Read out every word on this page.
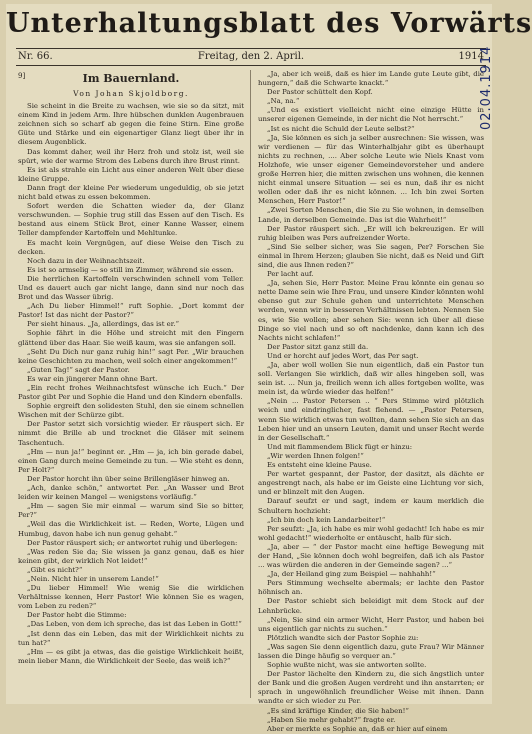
Unterhaltungsblatt des Vorwärts
Nr. 66.	Freitag, den 2. April.	1914
9]	Im Bauernland.
Von Johan Skjoldborg.

Sie scheint in die Breite zu wachsen, wie sie so da sitzt, mit einem Kind in jedem Arm. Ihre hübschen dunklen Augenbrauen zeichnen sich so scharf ab gegen die feine Stirn. Eine große Güte und Stärke und ein eigenartiger Glanz liegt über ihr in diesem Augenblick.

Das kommt daher, weil ihr Herz froh und stolz ist, weil sie spürt, wie der warme Strom des Lebens durch ihre Brust rinnt.

Es ist als strahle ein Licht aus einer anderen Welt über diese kleine Gruppe.

Dann fragt der kleine Per wiederum ungeduldig, ob sie jetzt nicht bald etwas zu essen bekommen.

Sofort werden die Schatten wieder da, der Glanz verschwunden. — Sophie trug still das Essen auf den Tisch. Es bestand aus einem Stück Brot, einer Kanne Wasser, einem Teller dampfender Kartoffeln und Mehltunke.

Es macht kein Vergnügen, auf diese Weise den Tisch zu decken.

Noch dazu in der Weihnachtszeit.

Es ist so armselig — so still im Zimmer, während sie essen.

Die herrlichen Kartoffeln verschwinden schnell vom Teller. Und es dauert auch gar nicht lange, dann sind nur noch das Brot und das Wasser übrig.

„Ach Du lieber Himmel!“ ruft Sophie. „Dort kommt der Pastor! Ist das nicht der Pastor?“

Per sieht hinaus. „Ja, allerdings, das ist er.“

Sophie fährt in die Höhe und streicht mit den Fingern glättend über das Haar. Sie weiß kaum, was sie anfangen soll.

„Seht Du Dich nur ganz ruhig hin!“ sagt Per. „Wir brauchen keine Geschichten zu machen, weil solch einer angekommen!“

„Guten Tag!“ sagt der Pastor.

Es war ein jüngerer Mann ohne Bart.

„Ein recht frohes Weihnachtsfest wünsche ich Euch.“ Der Pastor gibt Per und Sophie die Hand und den Kindern ebenfalls.

Sophie ergreift den solidesten Stuhl, den sie einem schnellen Wischen mit der Schürze gibt.

Der Pastor setzt sich vorsichtig wieder. Er räuspert sich. Er nimmt die Brille ab und trocknet die Gläser mit seinem Taschentuch.

„Hm — nun ja!“ beginnt er. „Hm — ja, ich bin gerade dabei, einen Gang durch meine Gemeinde zu tun. — Wie steht es denn, Per Holt?“

Der Pastor horcht ihn über seine Brillengläser hinweg an.

„Ach, danke schön,“ antwortet Per. „An Wasser und Brot leiden wir keinen Mangel — wenigstens vorläufig.“

„Hm — sagen Sie mir einmal — warum sind Sie so bitter, Per?“

„Weil das die Wirklichkeit ist. — Reden, Worte, Lügen und Humbug, davon habe ich nun genug gehabt.“

Der Pastor räuspert sich; er antwortet ruhig und überlegen:

„Was reden Sie da; Sie wissen ja ganz genau, daß es hier keinen gibt, der wirklich Not leidet!“

„Gibt es nicht?“

„Nein. Nicht hier in unserem Lande!“

„Du lieber Himmel! Wie wenig Sie die wirklichen Verhältnisse kennen, Herr Pastor! Wie können Sie es wagen, vom Leben zu reden?“

Der Pastor hebt die Stimme:

„Das Leben, von dem ich spreche, das ist das Leben in Gott!“

„Ist denn das ein Leben, das mit der Wirklichkeit nichts zu tun hat?“

„Hm — es gibt ja etwas, das die geistige Wirklichkeit heißt, mein lieber Mann, die Wirklichkeit der Seele, das weiß ich?“

„Ja, aber ich weiß, daß es hier im Lande gute Leute gibt, die hungern,“ daß die Schwarte knackt.“

Der Pastor schüttelt den Kopf.

„Na, na.“

„Und es existiert vielleicht nicht eine einzige Hütte in unserer eigenen Gemeinde, in der nicht die Not herrscht.“

„Ist es nicht die Schuld der Leute selbst?“

„Ja, Sie können es sich ja selber ausrechnen: Sie wissen, was wir verdienen — für das Winterhalbjahr gibt es überhaupt nichts zu rechnen, .... Aber solche Leute wie Niels Knast vom Holzhofe, wie unser eigener Gemeindevorsteher und andere große Herren hier, die mitten zwischen uns wohnen, die kennen nicht einmal unsere Situation — sei es nun, daß ihr es nicht wollen oder daß ihr es nicht können. ... Ich bin zwei Sorten Menschen, Herr Pastor!“

„Zwei Sorten Menschen, die Sie zu Sie wohnen, in demselben Lande, in derselben Gemeinde. Das ist die Wahrheit!“

Der Pastor räuspert sich. „Er will ich bekreuzigen. Er will ruhig bleiben was Pers aufreizender Worte.

„Sind Sie selber sicher, was Sie sagen, Per? Forschen Sie einmal in Ihrem Herzen; glauben Sie nicht, daß es Neid und Gift sind, die aus Ihnen reden?“

Per lacht auf.

„Ja, sehen Sie, Herr Pastor. Meine Frau könnte ein genau so nette Dame sein wie Ihre Frau, und unsere Kinder könnten wohl ebenso gut zur Schule gehen und unterrichtete Menschen werden, wenn wir in besseren Verhältnissen lebten. Nennen Sie es, wie Sie wollen; aber sehen Sie: wenn ich über all diese Dinge so viel nach und so oft nachdenke, dann kann ich des Nachts nicht schlafen!“

Der Pastor sitzt ganz still da.

Und er horcht auf jedes Wort, das Per sagt.

„Ja, aber woll wollen Sie nun eigentlich, daß ein Pastor tun soll. Verlangen Sie wirklich, daß wir alles hingeben soll, was sein ist. ... Nun ja, freilich wenn ich alles fortgeben wollte, was mein ist, da würde wieder das helfen!“

„Nein ... Pastor Petersen .. “ Pers Stimme wird plötzlich weich und eindringlicher, fast flehend. — „Pastor Petersen, wenn Sie wirklich etwas tun wollten, dann sehen Sie sich an das Leben hier und an unsern Leuten, damit und unser Recht werde in der Gesellschaft.“

Und mit flammendem Blick fügt er hinzu:

„Wir werden Ihnen folgen!“

Es entsteht eine kleine Pause.

Per wartet gespannt, der Pastor, der dasitzt, als dächte er angestrengt nach, als habe er im Geiste eine Lichtung vor sich, und er blinzelt mit den Augen.

Darauf seufzt er und sagt, indem er kaum merklich die Schultern hochzieht:

„Ich bin doch kein Landarbeiter!“

Per seufzt: „Ja, ich habe es mir wohl gedacht! Ich habe es mir wohl gedacht!“ wiederholte er entäuscht, halb für sich.

„Ja, aber — “ der Pastor macht eine heftige Bewegung mit der Hand, „Sie können doch wohl begreifen, daß ich als Pastor ... was würden die anderen in der Gemeinde sagen? ...“

„Ja, der Heiland ging zum Beispiel — nahhahh!“

Pers Stimmung wechselte abermals; er lachte den Pastor höhnisch an.

Der Pastor schiebt sich beleidigt mit dem Stock auf der Lehnbrücke.

„Nein, Sie sind ein armer Wicht, Herr Pastor, und haben bei uns eigentlich gar nichts zu suchen.“

Plötzlich wandte sich der Pastor Sophie zu:

„Was sagen Sie denn eigentlich dazu, gute Frau? Wir Männer lassen die Dinge häufig so verquer an.“

Sophie wußte nicht, was sie antworten sollte.

Der Pastor lächelte den Kindern zu, die sich ängstlich unter der Bank und die großen Augen verdreht und ihn anstarrten; er sprach in ungewöhnlich freundlicher Weise mit ihnen. Dann wandte er sich wieder zu Per.

„Es sind kräftige Kinder, die Sie haben!“

„Haben Sie mehr gehabt?“ fragte er.

Aber er merkte es Sophie an, daß er hier auf einem

02.04.1914
